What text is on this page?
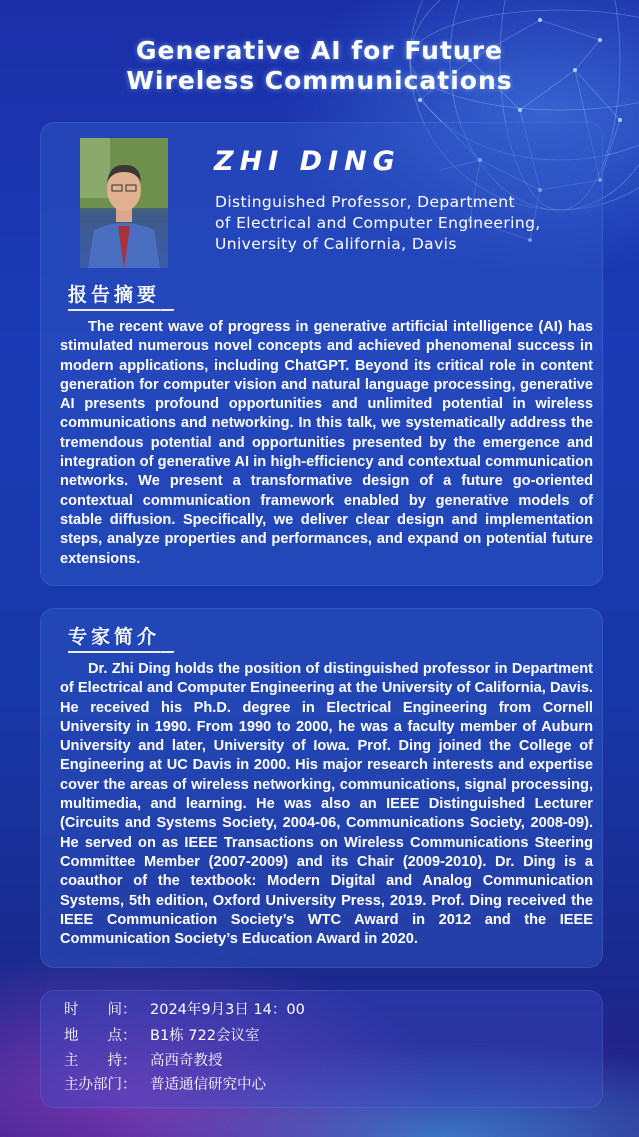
Generative AI for Future
Wireless Communications
ZHI DING
Distinguished Professor, Department
of Electrical and Computer Engineering,
University of California, Davis
报告摘要
The recent wave of progress in generative artificial intelligence (AI) has stimulated numerous novel concepts and achieved phenomenal success in modern applications, including ChatGPT. Beyond its critical role in content generation for computer vision and natural language processing, generative AI presents profound opportunities and unlimited potential in wireless communications and networking. In this talk, we systematically address the tremendous potential and opportunities presented by the emergence and integration of generative AI in high-efficiency and contextual communication networks. We present a transformative design of a future go-oriented contextual communication framework enabled by generative models of stable diffusion. Specifically, we deliver clear design and implementation steps, analyze properties and performances, and expand on potential future extensions.
专家简介
Dr. Zhi Ding holds the position of distinguished professor in Department of Electrical and Computer Engineering at the University of California, Davis. He received his Ph.D. degree in Electrical Engineering from Cornell University in 1990. From 1990 to 2000, he was a faculty member of Auburn University and later, University of Iowa. Prof. Ding joined the College of Engineering at UC Davis in 2000. His major research interests and expertise cover the areas of wireless networking, communications, signal processing, multimedia, and learning. He was also an IEEE Distinguished Lecturer (Circuits and Systems Society, 2004-06, Communications Society, 2008-09). He served on as IEEE Transactions on Wireless Communications Steering Committee Member (2007-2009) and its Chair (2009-2010). Dr. Ding is a coauthor of the textbook: Modern Digital and Analog Communication Systems, 5th edition, Oxford University Press, 2019. Prof. Ding received the IEEE Communication Society’s WTC Award in 2012 and the IEEE Communication Society’s Education Award in 2020.
时　　间： 2024年9月3日 14：00
地　　点： B1栋 722会议室
主　　持： 高西奇教授
主办部门： 普适通信研究中心
